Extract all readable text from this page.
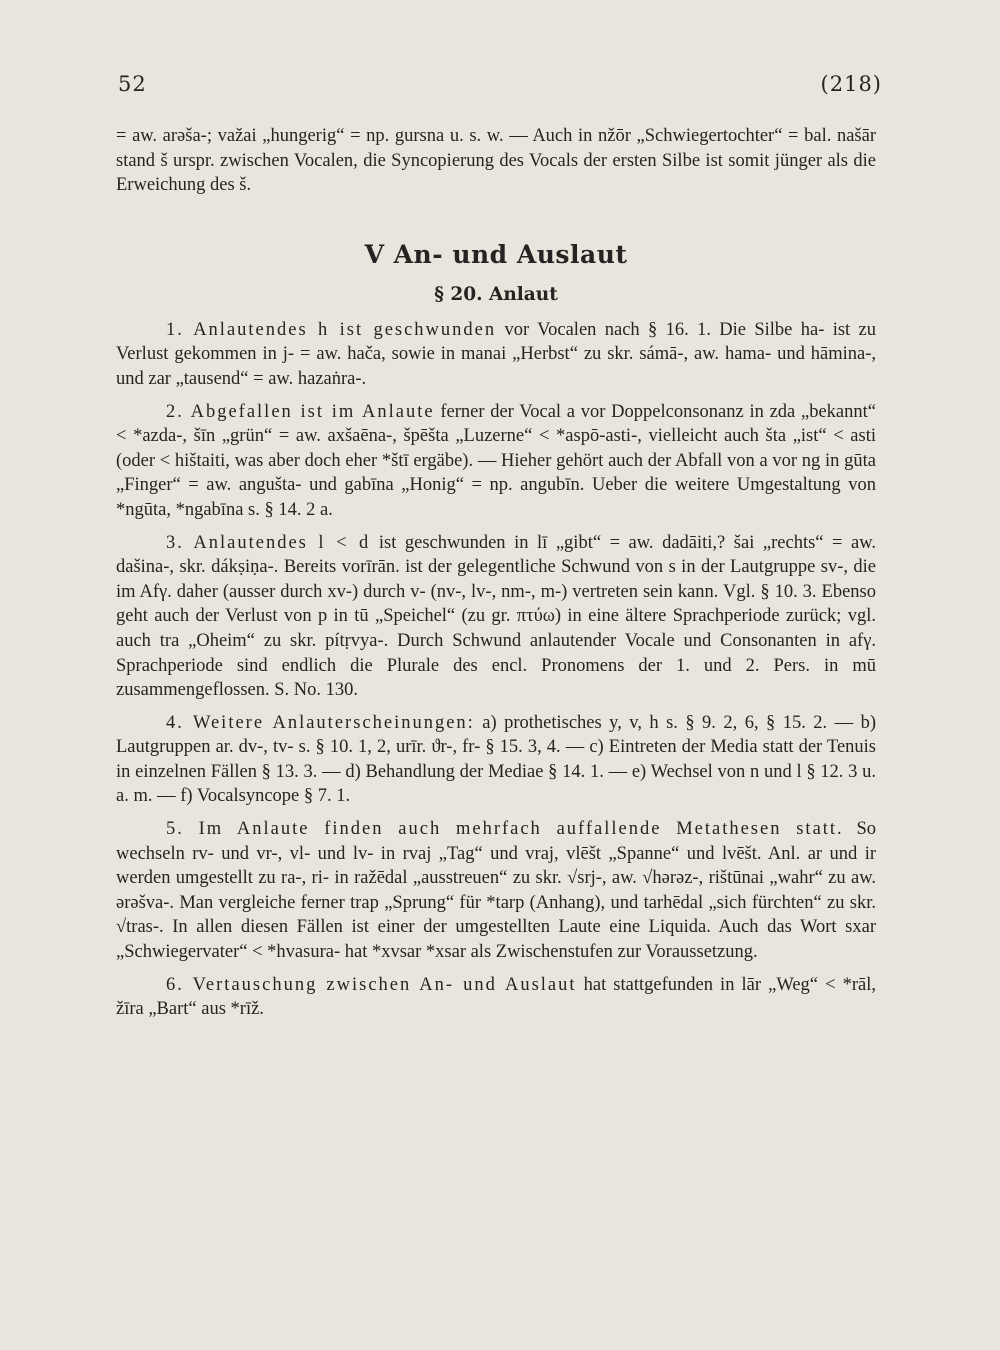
52	(218)

= aw. arəša-; važai „hungerig“ = np. gursna u. s. w. — Auch in nžōr „Schwiegertochter“ = bal. našār stand š urspr. zwischen Vocalen, die Syncopierung des Vocals der ersten Silbe ist somit jünger als die Erweichung des š.

V An- und Auslaut
§ 20. Anlaut

1. Anlautendes h ist geschwunden vor Vocalen nach § 16. 1. Die Silbe ha- ist zu Verlust gekommen in j- = aw. hača, sowie in manai „Herbst“ zu skr. sámā-, aw. hama- und hāmina-, und zar „tausend“ = aw. hazaṅra-.

2. Abgefallen ist im Anlaute ferner der Vocal a vor Doppelconsonanz in zda „bekannt“ < *azda-, šīn „grün“ = aw. axšaēna-, špēšta „Luzerne“ < *aspō-asti-, vielleicht auch šta „ist“ < asti (oder < hištaiti, was aber doch eher *štī ergäbe). — Hieher gehört auch der Abfall von a vor ng in gūta „Finger“ = aw. angušta- und gabīna „Honig“ = np. angubīn. Ueber die weitere Umgestaltung von *ngūta, *ngabīna s. § 14. 2 a.

3. Anlautendes l < d ist geschwunden in lī „gibt“ = aw. dadāiti,? šai „rechts“ = aw. dašina-, skr. dákṣiṇa-. Bereits vorīrān. ist der gelegentliche Schwund von s in der Lautgruppe sv-, die im Afγ. daher (ausser durch xv-) durch v- (nv-, lv-, nm-, m-) vertreten sein kann. Vgl. § 10. 3. Ebenso geht auch der Verlust von p in tū „Speichel“ (zu gr. πτύω) in eine ältere Sprachperiode zurück; vgl. auch tra „Oheim“ zu skr. pítṛvya-. Durch Schwund anlautender Vocale und Consonanten in afγ. Sprachperiode sind endlich die Plurale des encl. Pronomens der 1. und 2. Pers. in mū zusammengeflossen. S. No. 130.

4. Weitere Anlauterscheinungen: a) prothetisches y, v, h s. § 9. 2, 6, § 15. 2. — b) Lautgruppen ar. dv-, tv- s. § 10. 1, 2, urīr. ϑr-, fr- § 15. 3, 4. — c) Eintreten der Media statt der Tenuis in einzelnen Fällen § 13. 3. — d) Behandlung der Mediae § 14. 1. — e) Wechsel von n und l § 12. 3 u. a. m. — f) Vocalsyncope § 7. 1.

5. Im Anlaute finden auch mehrfach auffallende Metathesen statt. So wechseln rv- und vr-, vl- und lv- in rvaj „Tag“ und vraj, vlēšt „Spanne“ und lvēšt. Anl. ar und ir werden umgestellt zu ra-, ri- in ražēdal „ausstreuen“ zu skr. √srj-, aw. √hərəz-, rištūnai „wahr“ zu aw. ərəšva-. Man vergleiche ferner trap „Sprung“ für *tarp (Anhang), und tarhēdal „sich fürchten“ zu skr. √tras-. In allen diesen Fällen ist einer der umgestellten Laute eine Liquida. Auch das Wort sxar „Schwiegervater“ < *hvasura- hat *xvsar *xsar als Zwischenstufen zur Voraussetzung.

6. Vertauschung zwischen An- und Auslaut hat stattgefunden in lār „Weg“ < *rāl, žīra „Bart“ aus *rīž.
